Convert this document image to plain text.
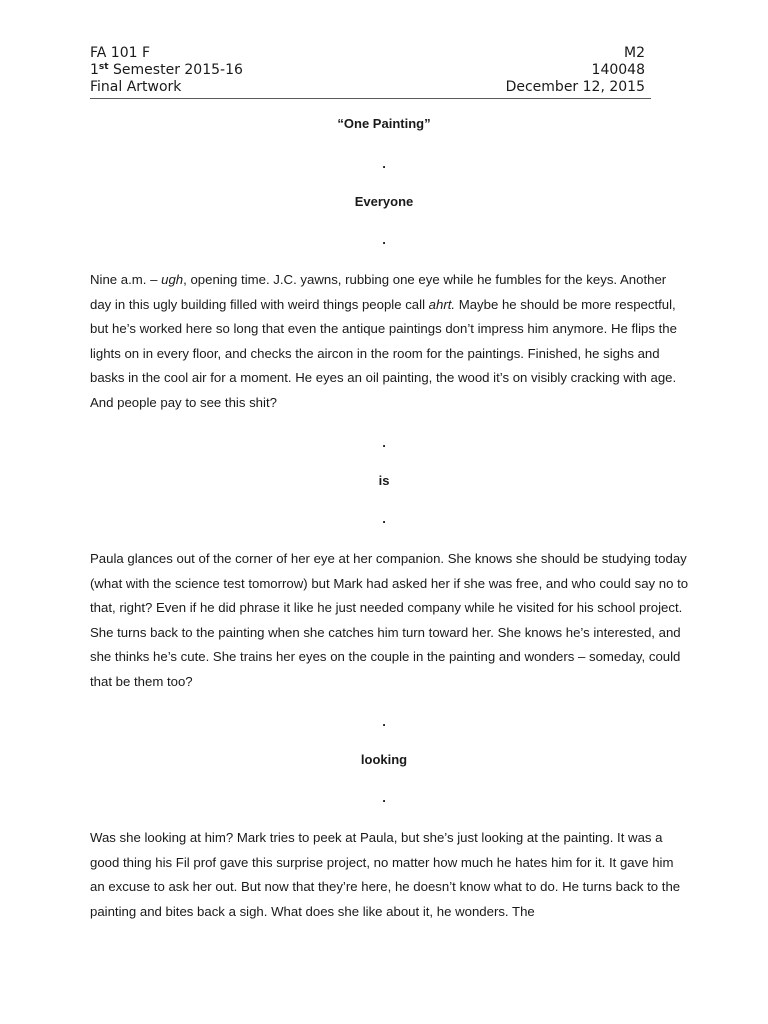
FA 101 F	M2
1st Semester 2015-16	140048
Final Artwork	December 12, 2015
“One Painting”
.
Everyone
.
Nine a.m. – ugh, opening time. J.C. yawns, rubbing one eye while he fumbles for the keys. Another day in this ugly building filled with weird things people call ahrt. Maybe he should be more respectful, but he’s worked here so long that even the antique paintings don’t impress him anymore. He flips the lights on in every floor, and checks the aircon in the room for the paintings. Finished, he sighs and basks in the cool air for a moment. He eyes an oil painting, the wood it’s on visibly cracking with age. And people pay to see this shit?
.
is
.
Paula glances out of the corner of her eye at her companion. She knows she should be studying today (what with the science test tomorrow) but Mark had asked her if she was free, and who could say no to that, right? Even if he did phrase it like he just needed company while he visited for his school project. She turns back to the painting when she catches him turn toward her. She knows he’s interested, and she thinks he’s cute. She trains her eyes on the couple in the painting and wonders – someday, could that be them too?
.
looking
.
Was she looking at him? Mark tries to peek at Paula, but she’s just looking at the painting. It was a good thing his Fil prof gave this surprise project, no matter how much he hates him for it. It gave him an excuse to ask her out. But now that they’re here, he doesn’t know what to do. He turns back to the painting and bites back a sigh. What does she like about it, he wonders. The
